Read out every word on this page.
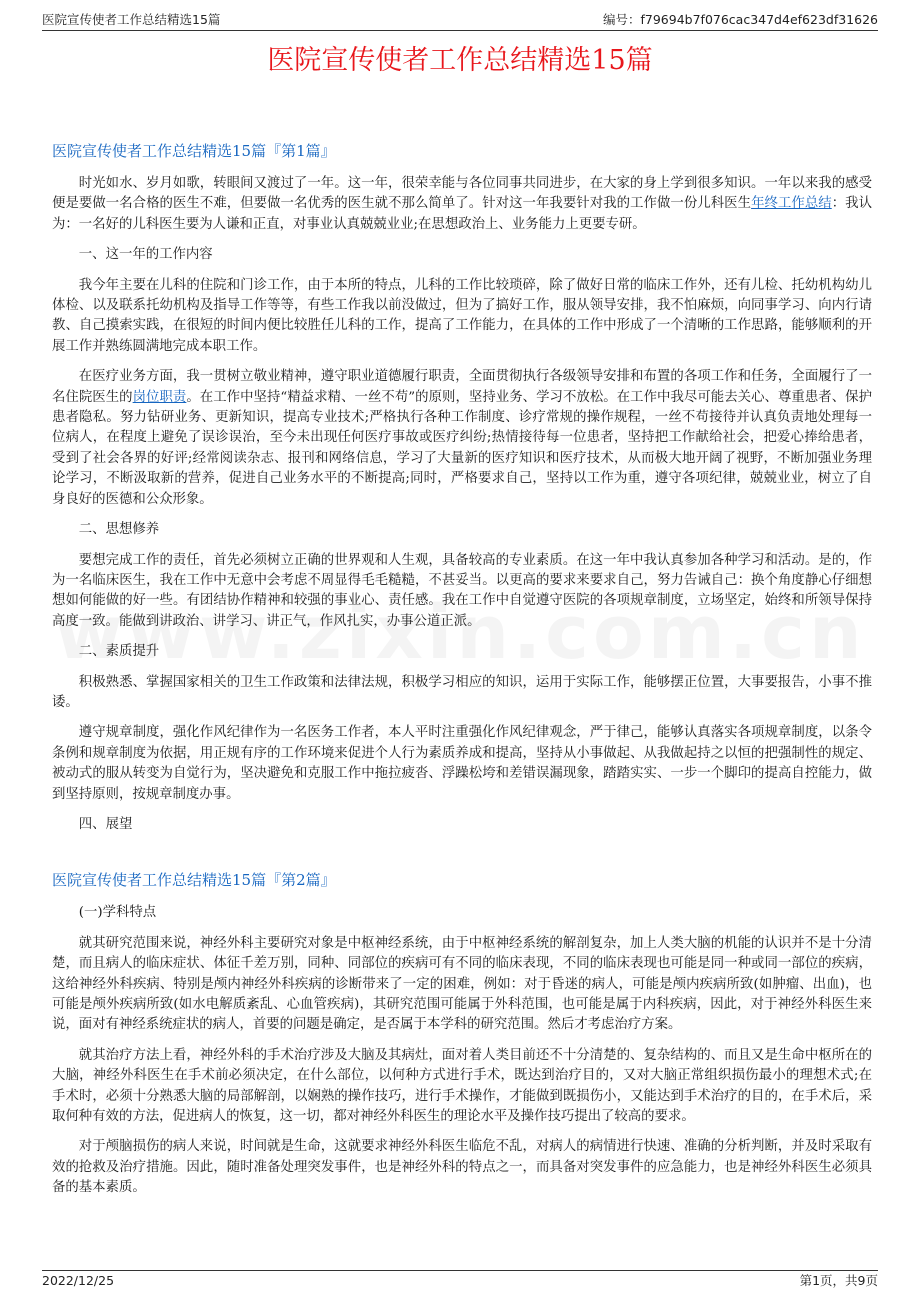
医院宣传使者工作总结精选15篇	编号：f79694b7f076cac347d4ef623df31626
医院宣传使者工作总结精选15篇
医院宣传使者工作总结精选15篇『第1篇』

时光如水、岁月如歌，转眼间又渡过了一年。这一年，很荣幸能与各位同事共同进步，在大家的身上学到很多知识。一年以来我的感受便是要做一名合格的医生不难，但要做一名优秀的医生就不那么简单了。针对这一年我要针对我的工作做一份儿科医生年终工作总结：我认为：一名好的儿科医生要为人谦和正直，对事业认真兢兢业业;在思想政治上、业务能力上更要专研。

一、这一年的工作内容

我今年主要在儿科的住院和门诊工作，由于本所的特点，儿科的工作比较琐碎，除了做好日常的临床工作外，还有儿检、托幼机构幼儿体检、以及联系托幼机构及指导工作等等，有些工作我以前没做过，但为了搞好工作，服从领导安排，我不怕麻烦，向同事学习、向内行请教、自己摸索实践，在很短的时间内便比较胜任儿科的工作，提高了工作能力，在具体的工作中形成了一个清晰的工作思路，能够顺利的开展工作并熟练圆满地完成本职工作。

在医疗业务方面，我一贯树立敬业精神，遵守职业道德履行职责，全面贯彻执行各级领导安排和布置的各项工作和任务，全面履行了一名住院医生的岗位职责。在工作中坚持“精益求精、一丝不苟”的原则，坚持业务、学习不放松。在工作中我尽可能去关心、尊重患者、保护患者隐私。努力钻研业务、更新知识，提高专业技术;严格执行各种工作制度、诊疗常规的操作规程，一丝不苟接待并认真负责地处理每一位病人，在程度上避免了误诊误治，至今未出现任何医疗事故或医疗纠纷;热情接待每一位患者，坚持把工作献给社会，把爱心捧给患者，受到了社会各界的好评;经常阅读杂志、报刊和网络信息，学习了大量新的医疗知识和医疗技术，从而极大地开阔了视野，不断加强业务理论学习，不断汲取新的营养，促进自己业务水平的不断提高;同时，严格要求自己，坚持以工作为重，遵守各项纪律，兢兢业业，树立了自身良好的医德和公众形象。

二、思想修养

要想完成工作的责任，首先必须树立正确的世界观和人生观，具备较高的专业素质。在这一年中我认真参加各种学习和活动。是的，作为一名临床医生，我在工作中无意中会考虑不周显得毛毛糙糙，不甚妥当。以更高的要求来要求自己，努力告诫自己：换个角度静心仔细想想如何能做的好一些。有团结协作精神和较强的事业心、责任感。我在工作中自觉遵守医院的各项规章制度，立场坚定，始终和所领导保持高度一致。能做到讲政治、讲学习、讲正气，作风扎实，办事公道正派。

二、素质提升

积极熟悉、掌握国家相关的卫生工作政策和法律法规，积极学习相应的知识，运用于实际工作，能够摆正位置，大事要报告，小事不推诿。

遵守规章制度，强化作风纪律作为一名医务工作者，本人平时注重强化作风纪律观念，严于律己，能够认真落实各项规章制度，以条令条例和规章制度为依据，用正规有序的工作环境来促进个人行为素质养成和提高，坚持从小事做起、从我做起持之以恒的把强制性的规定、被动式的服从转变为自觉行为，坚决避免和克服工作中拖拉疲沓、浮躁松垮和差错误漏现象，踏踏实实、一步一个脚印的提高自控能力，做到坚持原则，按规章制度办事。

四、展望

医院宣传使者工作总结精选15篇『第2篇』

(一)学科特点

就其研究范围来说，神经外科主要研究对象是中枢神经系统，由于中枢神经系统的解剖复杂，加上人类大脑的机能的认识并不是十分清楚，而且病人的临床症状、体征千差万别，同种、同部位的疾病可有不同的临床表现，不同的临床表现也可能是同一种或同一部位的疾病，这给神经外科疾病、特别是颅内神经外科疾病的诊断带来了一定的困难，例如：对于昏迷的病人，可能是颅内疾病所致(如肿瘤、出血)，也可能是颅外疾病所致(如水电解质紊乱、心血管疾病)，其研究范围可能属于外科范围，也可能是属于内科疾病，因此，对于神经外科医生来说，面对有神经系统症状的病人，首要的问题是确定，是否属于本学科的研究范围。然后才考虑治疗方案。

就其治疗方法上看，神经外科的手术治疗涉及大脑及其病灶，面对着人类目前还不十分清楚的、复杂结构的、而且又是生命中枢所在的大脑，神经外科医生在手术前必须决定，在什么部位，以何种方式进行手术，既达到治疗目的，又对大脑正常组织损伤最小的理想术式;在手术时，必须十分熟悉大脑的局部解剖，以娴熟的操作技巧，进行手术操作，才能做到既损伤小，又能达到手术治疗的目的，在手术后，采取何种有效的方法，促进病人的恢复，这一切，都对神经外科医生的理论水平及操作技巧提出了较高的要求。

对于颅脑损伤的病人来说，时间就是生命，这就要求神经外科医生临危不乱，对病人的病情进行快速、准确的分析判断，并及时采取有效的抢救及治疗措施。因此，随时准备处理突发事件，也是神经外科的特点之一，而具备对突发事件的应急能力，也是神经外科医生必须具备的基本素质。

2022/12/25	第1页，共9页
